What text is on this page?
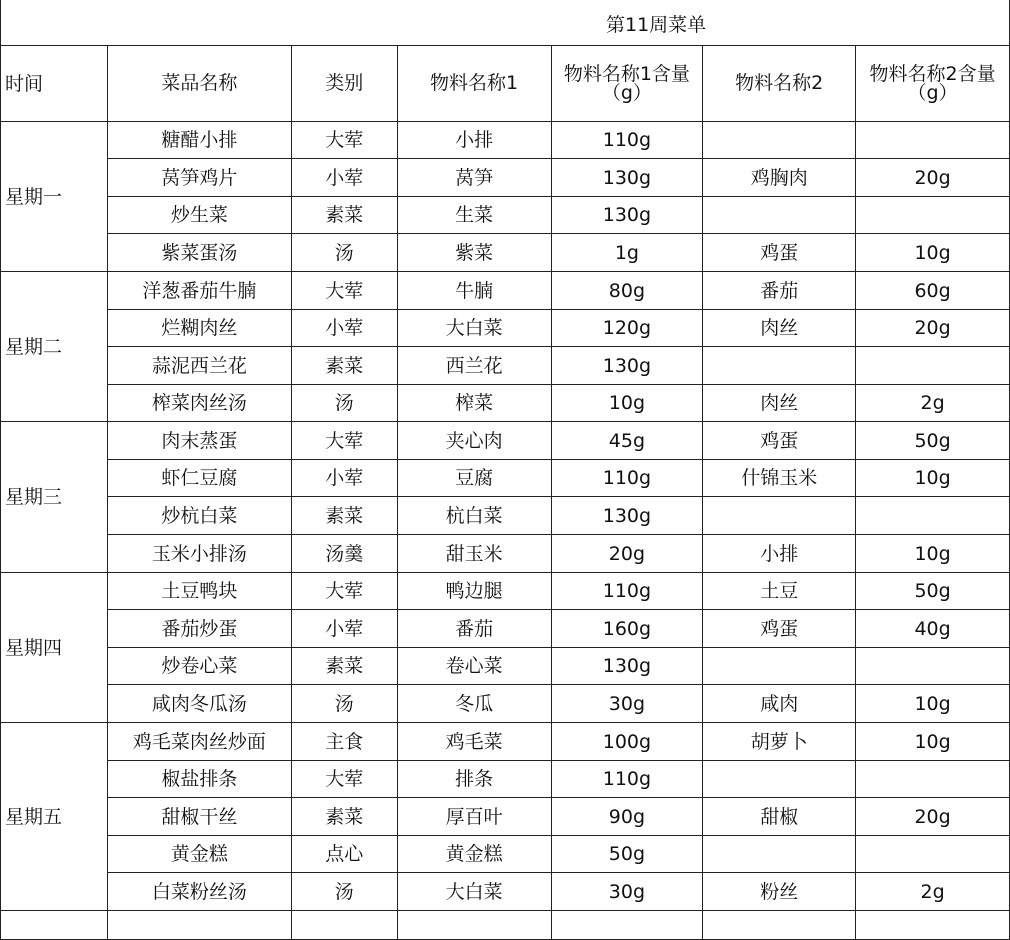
第11周菜单
时间	菜品名称	类别	物料名称1	物料名称1含量（g）	物料名称2	物料名称2含量（g）
星期一	糖醋小排	大荤	小排	110g		
	莴笋鸡片	小荤	莴笋	130g	鸡胸肉	20g
	炒生菜	素菜	生菜	130g		
	紫菜蛋汤	汤	紫菜	1g	鸡蛋	10g
星期二	洋葱番茄牛腩	大荤	牛腩	80g	番茄	60g
	烂糊肉丝	小荤	大白菜	120g	肉丝	20g
	蒜泥西兰花	素菜	西兰花	130g		
	榨菜肉丝汤	汤	榨菜	10g	肉丝	2g
星期三	肉末蒸蛋	大荤	夹心肉	45g	鸡蛋	50g
	虾仁豆腐	小荤	豆腐	110g	什锦玉米	10g
	炒杭白菜	素菜	杭白菜	130g		
	玉米小排汤	汤羹	甜玉米	20g	小排	10g
星期四	土豆鸭块	大荤	鸭边腿	110g	土豆	50g
	番茄炒蛋	小荤	番茄	160g	鸡蛋	40g
	炒卷心菜	素菜	卷心菜	130g		
	咸肉冬瓜汤	汤	冬瓜	30g	咸肉	10g
星期五	鸡毛菜肉丝炒面	主食	鸡毛菜	100g	胡萝卜	10g
	椒盐排条	大荤	排条	110g		
	甜椒干丝	素菜	厚百叶	90g	甜椒	20g
	黄金糕	点心	黄金糕	50g		
	白菜粉丝汤	汤	大白菜	30g	粉丝	2g
